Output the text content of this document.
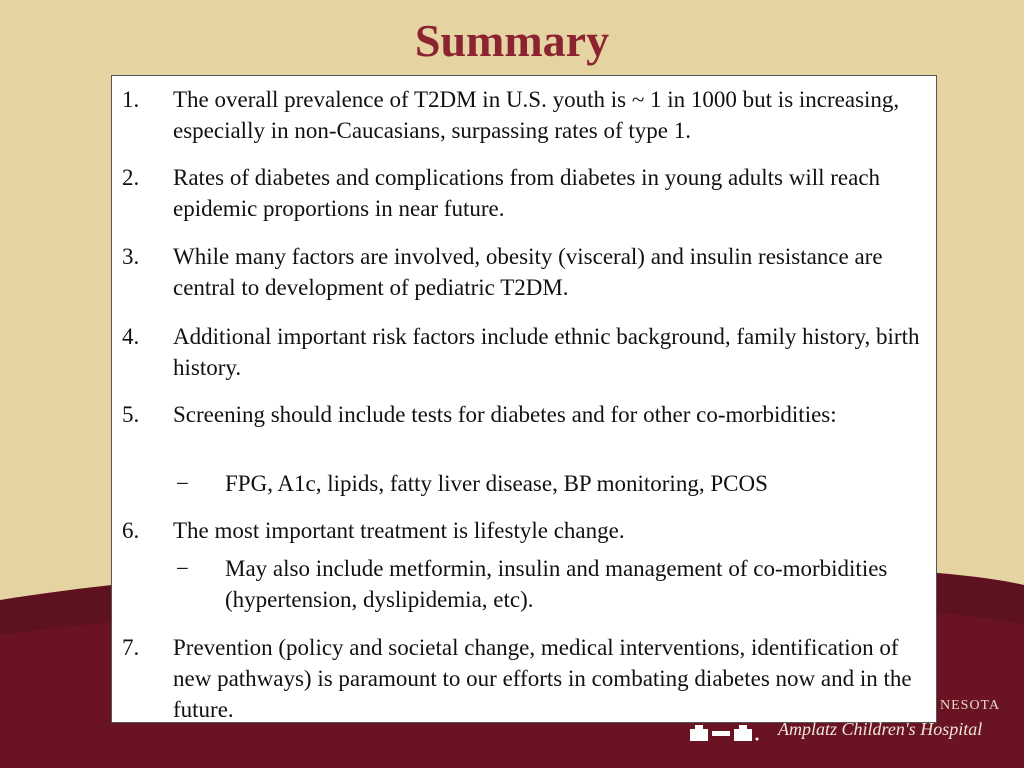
Summary
1. The overall prevalence of T2DM in U.S. youth is ~ 1 in 1000 but is increasing, especially in non-Caucasians, surpassing rates of type 1.
2. Rates of diabetes and complications from diabetes in young adults will reach epidemic proportions in near future.
3. While many factors are involved, obesity (visceral) and insulin resistance are central to development of pediatric T2DM.
4. Additional important risk factors include ethnic background, family history, birth history.
5. Screening should include tests for diabetes and for other co-morbidities:
− FPG, A1c, lipids, fatty liver disease, BP monitoring, PCOS
6. The most important treatment is lifestyle change.
− May also include metformin, insulin and management of co-morbidities (hypertension, dyslipidemia, etc).
7. Prevention (policy and societal change, medical interventions, identification of new pathways) is paramount to our efforts in combating diabetes now and in the future.	NESOTA
Amplatz Children's Hospital
